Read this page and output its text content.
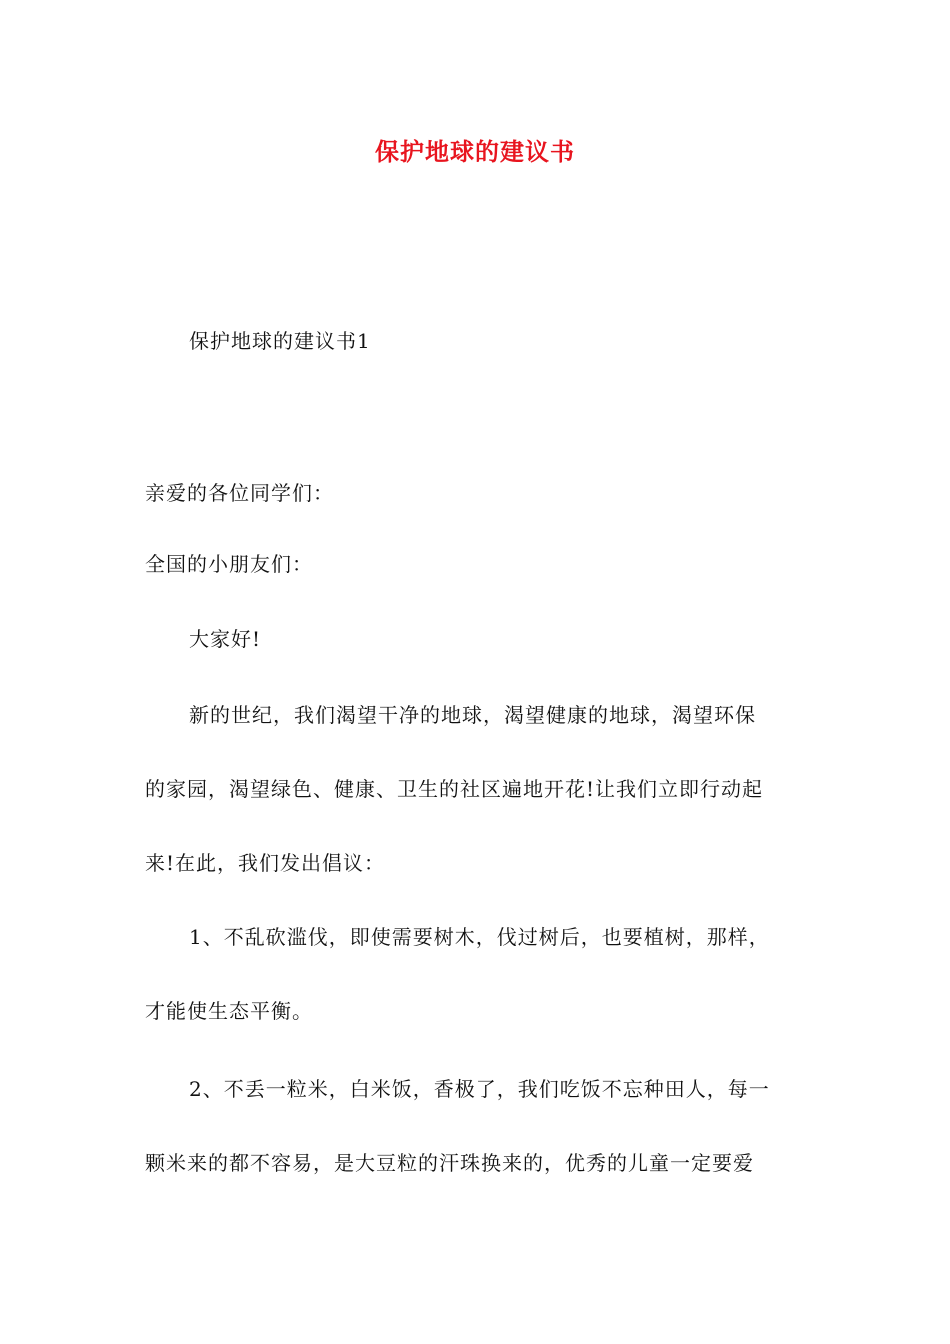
保护地球的建议书
保护地球的建议书1
亲爱的各位同学们：
全国的小朋友们：
大家好!
新的世纪，我们渴望干净的地球，渴望健康的地球，渴望环保
的家园，渴望绿色、健康、卫生的社区遍地开花!让我们立即行动起
来!在此，我们发出倡议：
1、不乱砍滥伐，即使需要树木，伐过树后，也要植树，那样，
才能使生态平衡。
2、不丢一粒米，白米饭，香极了，我们吃饭不忘种田人，每一
颗米来的都不容易，是大豆粒的汗珠换来的，优秀的儿童一定要爱
